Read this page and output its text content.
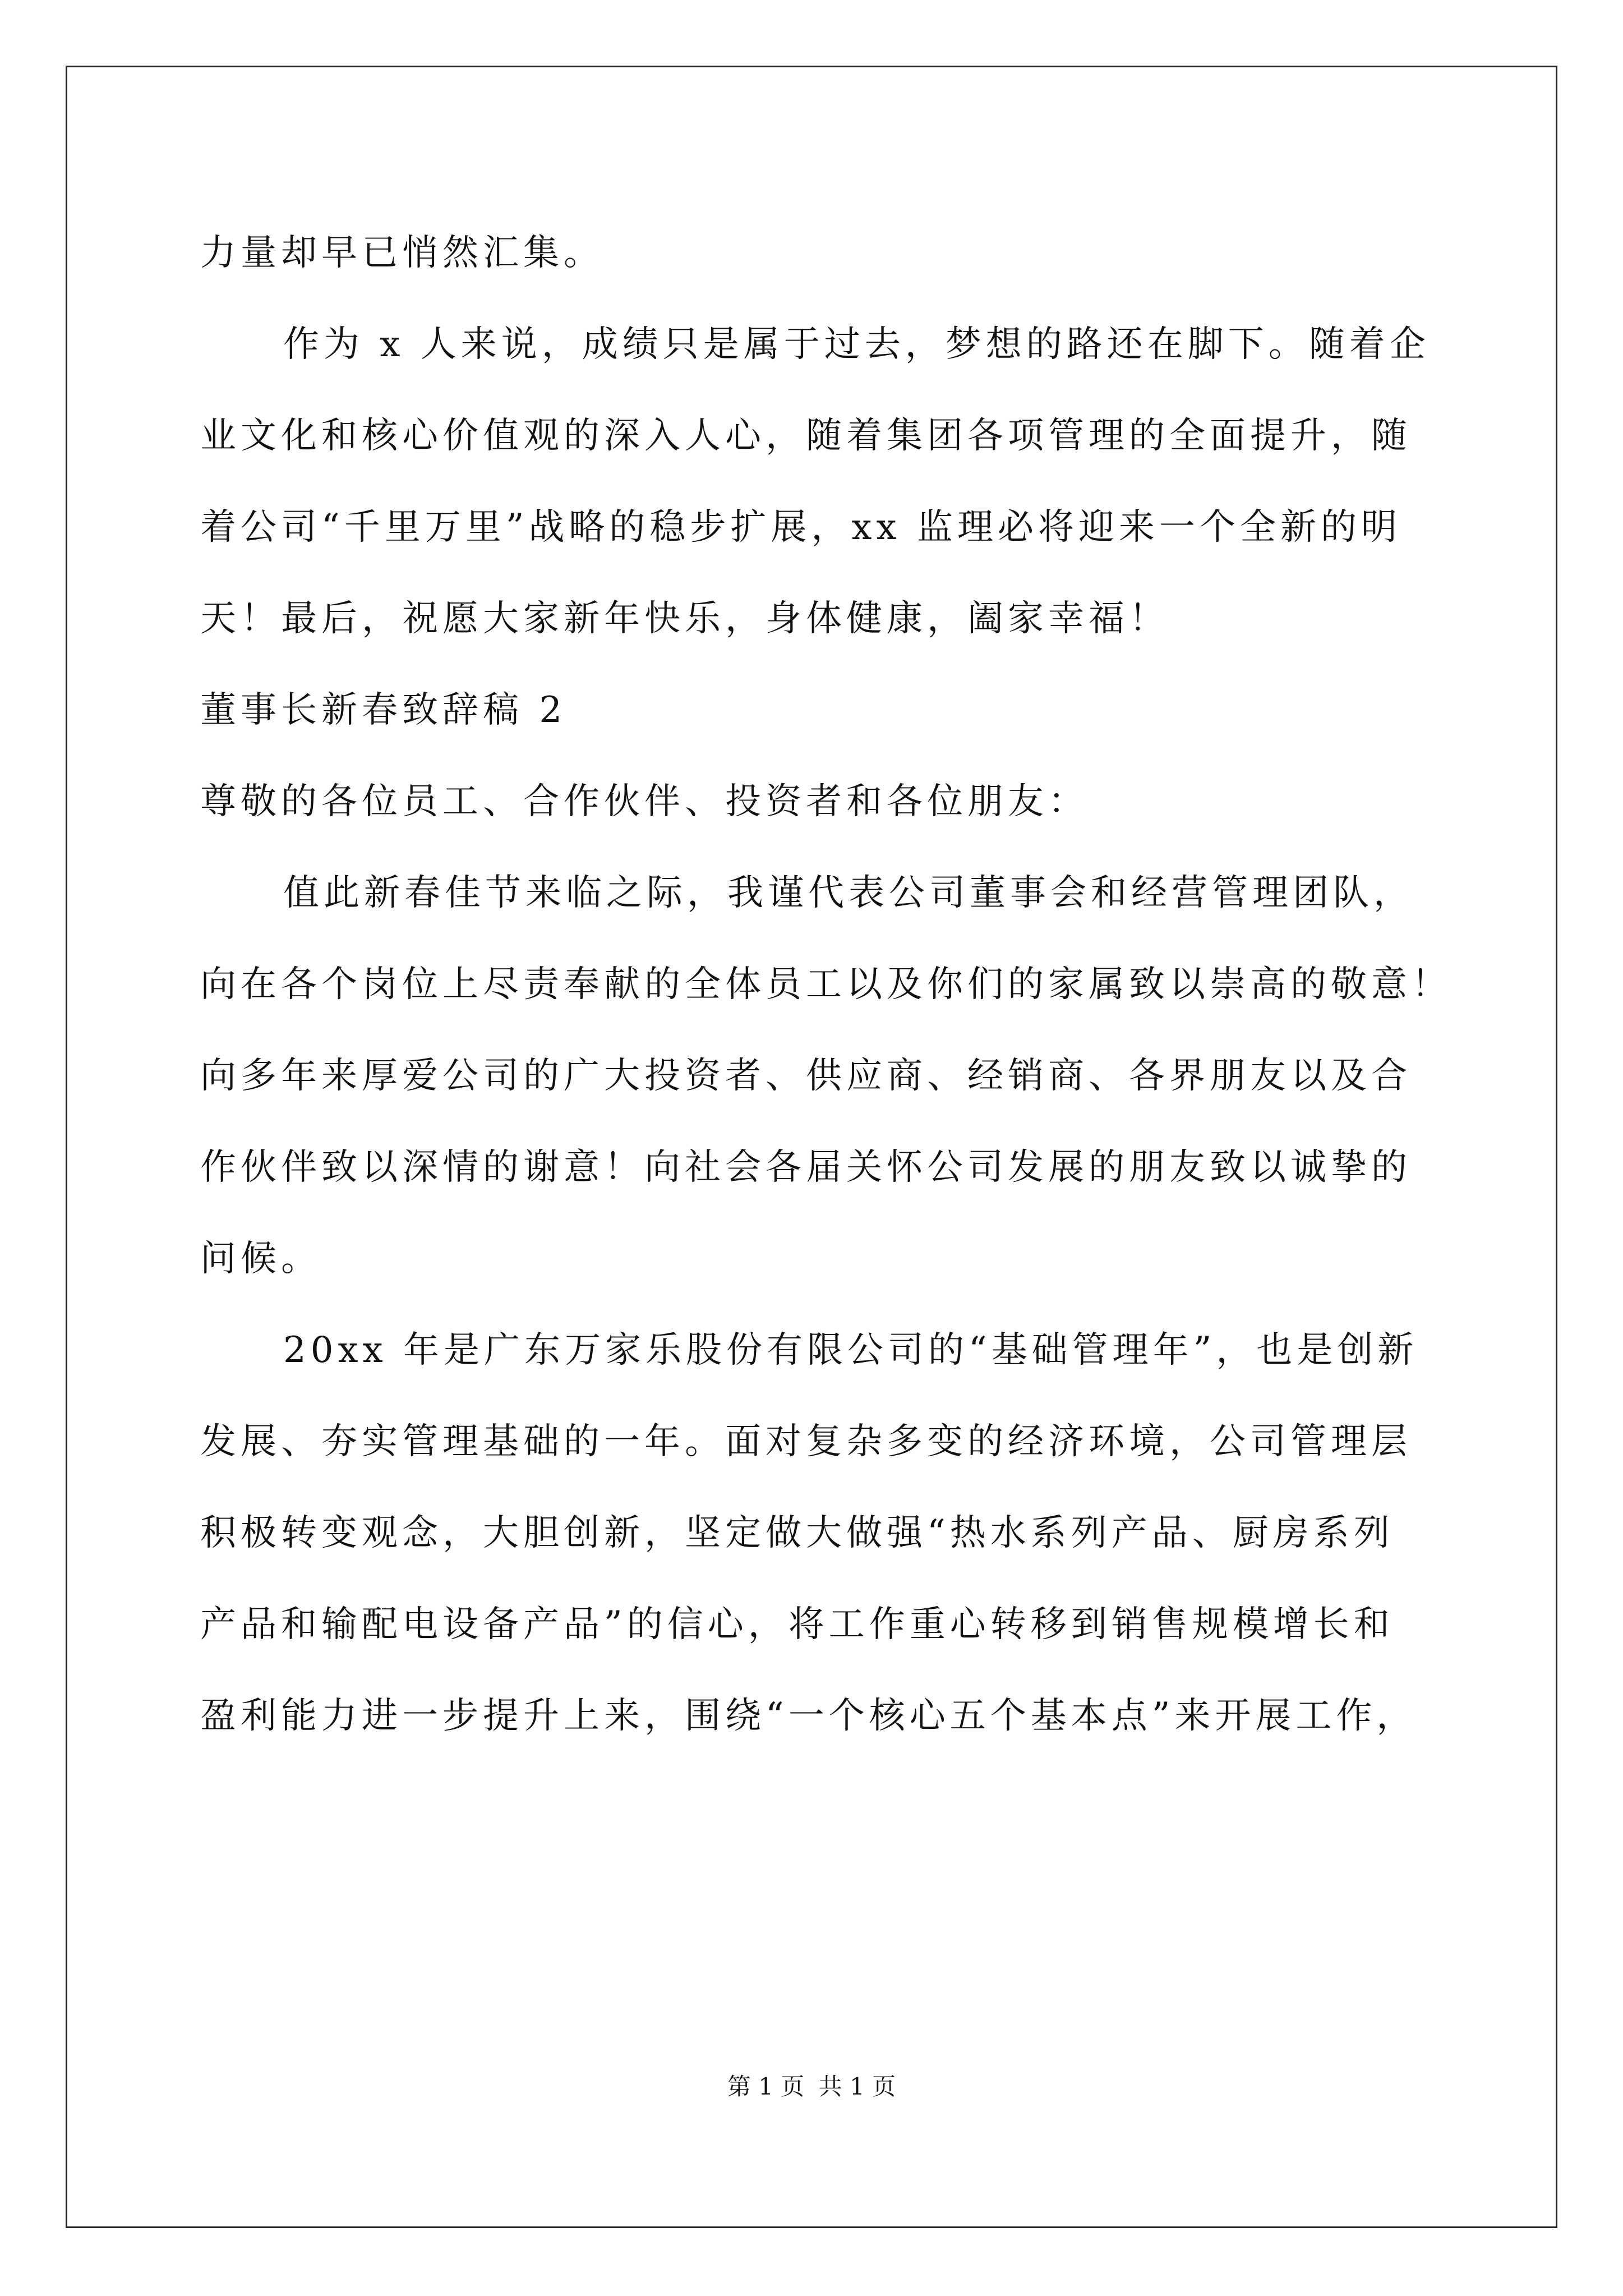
力量却早已悄然汇集。
作为 x 人来说，成绩只是属于过去，梦想的路还在脚下。随着企
业文化和核心价值观的深入人心，随着集团各项管理的全面提升，随
着公司“千里万里”战略的稳步扩展，xx 监理必将迎来一个全新的明
天！最后，祝愿大家新年快乐，身体健康，阖家幸福！
董事长新春致辞稿 2
尊敬的各位员工、合作伙伴、投资者和各位朋友：
值此新春佳节来临之际，我谨代表公司董事会和经营管理团队，
向在各个岗位上尽责奉献的全体员工以及你们的家属致以崇高的敬意！
向多年来厚爱公司的广大投资者、供应商、经销商、各界朋友以及合
作伙伴致以深情的谢意！向社会各届关怀公司发展的朋友致以诚挚的
问候。
20xx 年是广东万家乐股份有限公司的“基础管理年”，也是创新
发展、夯实管理基础的一年。面对复杂多变的经济环境，公司管理层
积极转变观念，大胆创新，坚定做大做强“热水系列产品、厨房系列
产品和输配电设备产品”的信心，将工作重心转移到销售规模增长和
盈利能力进一步提升上来，围绕“一个核心五个基本点”来开展工作，
第 1 页 共 1 页
